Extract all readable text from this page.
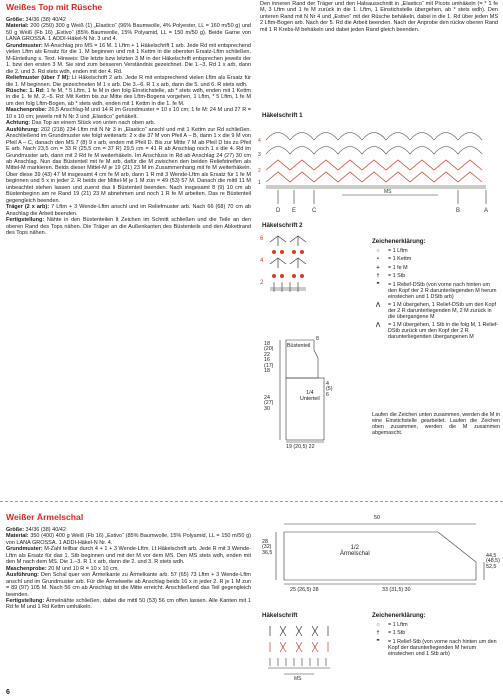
Weißes Top mit Rüsche

Größe: 34/36 (38) 40/42

Material: 200 (250) 300 g Weiß (1) „Elastico“ (96% Baumwolle, 4% Polyester, LL = 160 m/50 g) und 50 g Weiß (Fb 16) „Estivo“ (85% Baumwolle, 15% Polyamid, LL = 150 m/50 g). Beide Garne von LANA GROSSA. 1 ADDI-Häkel-N Nr. 3 und 4.

Grundmuster: M-Anschlag pro MS = 16 M. 1 Lftm + 1 Häkelschrift 1 arb. Jede Rd mit entsprechend vielen Lftm als Ersatz für die 1. M beginnen und mit 1 Kettm in die obersten Ersatz-Lftm schließen. M-Einteilung s. Text. Hinweis: Die letzte bzw letzten 3 M in der Häkelschrift entsprechen jeweils der 1. bzw den ersten 3 M. Sie sind zum besseren Verständnis gezeichnet. Die 1.–3. Rd 1 x arb, dann die 2. und 3. Rd stets wdh, enden mit der 4. Rd.

Reliefmuster (über 7 M): Lt Häkelschrift 2 arb. Jede R mit entsprechend vielen Lftm als Ersatz für die 1. M beginnen. Die gezeichneten M 1 x arb. Die 3.–6. R 1 x arb, dann die 5. und 6. R stets wdh.

Rüsche: 1. Rd: 1 fe M, * 5 Lftm, 1 fe M in den folg Einstichstelle, ab * stets wdh, enden mit 1 Kettm in die 1. fe M. 2.–5. Rd: Mit Kettm bis zur Mitte des Lftm-Bogens vorgehen, 1 Lftm, * 5 Lftm, 1 fe M um den folg Lftm-Bogen, ab * stets wdh, enden mit 1 Kettm in die 1. fe M.

Maschenprobe: 26,5 Anschlag-M und 14 R im Grundmuster = 10 x 10 cm; 1 fe M: 24 M und 27 R = 10 x 10 cm; jeweils mit N Nr 3 und „Elastico“ gehäkelt.

Achtung: Das Top an einem Stück von unten nach oben arb.

Ausführung: 202 (218) 234 Lftm mit N Nr 3 in „Elastico“ anschl und mit 1 Kettm zur Rd schließen. Anschließend im Grundmuster wie folgt weiterarb: 2 x die 37 M von Pfeil A – B, dann 1 x die 9 M von Pfeil A – C, danach den MS 7 (8) 9 x arb, enden mit Pfeil D. Bis zur Mitte 7 M ab Pfeil D bis zu Pfeil E arb. Nach 23,5 cm = 33 R (25,5 cm = 37 R) 29,5 cm = 41 R ab Anschlag noch 1 x die 4. Rd im Grundmuster arb, dann mit 2 Rd fe M weiterhäkeln. Im Anschluss in Rd ab Anschlag 24 (27) 30 cm ab Anschlag. Nun das Büstenteil mit fe M arb, dafür die M zwischen den beiden Reliefstreifen als Mittel-M markieren. Beids dieser Mittel-M je 19 (21) 23 M im Zusammenhang mit fe M weiterhäkeln. Über diese 39 (43) 47 M insgesamt 4 cm fe M arb, dann 1 R mit 3 Wende-Lftm als Ersatz für 1 fe M beginnen und 5 x in jeder 2. R beids der Mittel-M je 1 M zun = 49 (53) 57 M. Danach die mittl 11 M unbeachtet stehen lassen und zuerst das li Büstenteil beenden. Nach insgesamt 8 (9) 10 cm ab Büstenbeginn am re Rand 19 (21) 23 M abnehmen und noch 1 R fe M arbeiten. Das re Büstenteil gegengleich beenden.

Träger (2 x arb): 7 Lftm + 3 Wende-Lftm anschl und im Reliefmuster arb. Nach 66 (68) 70 cm ab Anschlag die Arbeit beenden.

Fertigstellung: Nähte in den Büstenteilen lt Zeichen im Schnitt schließen und die Teile an den oberen Rand des Tops nähen. Die Träger an die Außenkanten des Büstenteils und den Abkettrand des Tops nähen.

Den inneren Rand der Träger und den Halsausschnitt in „Elastico“ mit Picots umhäkeln (= * 1 fe M, 3 Lftm und 1 fe M zurück in die 1. Lftm, 1 Einstichstelle übergehen, ab * stets wdh). Den unteren Rand mit N Nr 4 und „Estivo“ mit der Rüsche behäkeln, dabei in die 1. Rd über jeden MS 2 Lftm-Bogen arb. Nach der 5. Rd die Arbeit beenden. Nach der Anprobe den rückw oberen Rand mit 1 R Krebs-M behäkeln und dabei jeden Rand gleich beenden.
Häkelschrift 1
4
3
2
1
MS
D	C
E	B	A
Häkelschrift 2
6
4
2
Büstenteil
8
18
(20)
22
16
(17)
18
24
(27)
30
1/4
Unterteil
4
(5)
6
19 (20,5) 22
Zeichenerklärung:
○	= 1 Lftm
•	= 1 Kettm
+	= 1 fe M
†	= 1 Stb
ꟸ	= 1 Relief-DStb (von vorne nach hinten um den Kopf der 2 R darunterliegenden M herum einstechen und 1 DStb arb)
⋀	= 1 M übergehen, 1 Relief-DStb um den Kopf der 2 R darunterliegenden M, 2 M zurück in die übergangene M
⋀	= 1 M übergehen, 1 Stb in die folg M, 1 Relief-DStb zurück um den Kopf der 2 R darunterliegenden übergangenen M
Laufen die Zeichen unten zusammen, werden die M in eine Einstichstelle gearbeitet. Laufen die Zeichen oben zusammen, werden die M zusammen abgemascht.
Weißer Ärmelschal

Größe: 34/36 (38) 40/42

Material: 350 (400) 400 g Weiß (Fb 16) „Estivo“ (85% Baumwolle, 15% Polyamid, LL = 150 m/50 g) von LANA GROSSA. 1 ADDI-Häkel-N Nr. 4.

Grundmuster: M-Zahl teilbar durch 4 + 1 + 3 Wende-Lftm. Lt Häkelschrift arb. Jede R mit 3 Wende-Lftm als Ersatz für das 1. Stb beginnen und mit der M vor dem MS. Den MS stets wdh, enden mit den M nach dem MS. Die 1.–3. R 1 x arb, dann die 2. und 3. R stets wdh.

Maschenprobe: 20 M und 10 R = 10 x 10 cm.

Ausführung: Den Schal quer von Ärmelkante zu Ärmelkante arb. 57 (65) 73 Lftm + 3 Wende-Lftm anschl und im Grundmuster arb. Für die Ärmelweite ab Anschlag beids 16 x in jeder 2. R je 1 M zun = 89 (97) 105 M. Nach 56 cm ab Anschlag ist die Mitte erreicht. Anschließend das Teil gegengleich beenden.

Fertigstellung: Ärmelnähte schließen, dabei die mittl 50 (53) 56 cm offen lassen. Alle Kanten mit 1 Rd fe M und 1 Rd Kettm umhäkeln.

50
1/2
Ärmelschal
28
(32)
36,5
44,5
(48,5)
52,5
25 (26,5) 28	33 (31,5) 30
Häkelschrift
MS
Zeichenerklärung:
○	= 1 Lftm
†	= 1 Stb
ꟸ	= 1 Relief-Stb (von vorne nach hinten um den Kopf der darunterliegenden M herum einstechen und 1 Stb arb)
6
